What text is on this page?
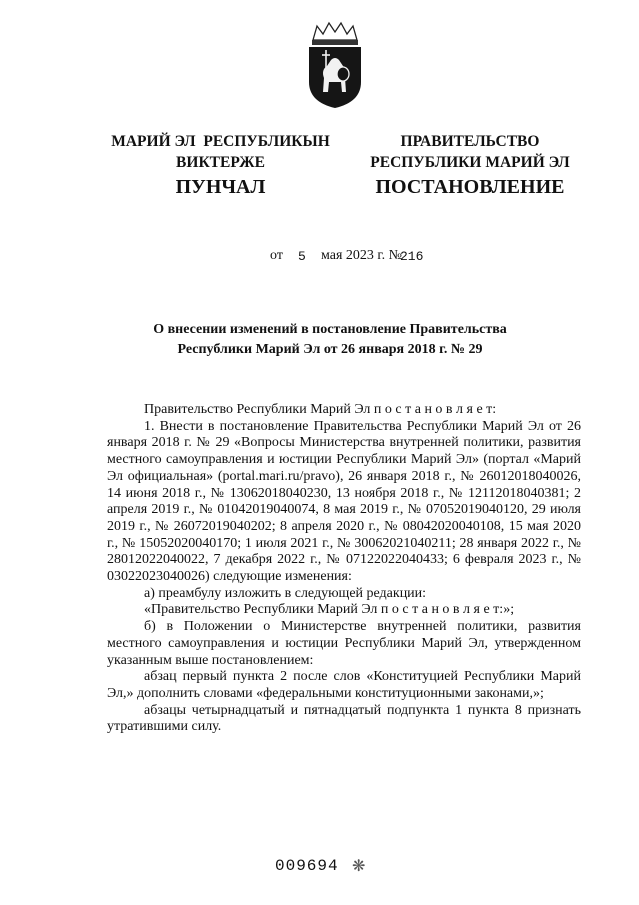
МАРИЙ ЭЛ  РЕСПУБЛИКЫН
ВИКТЕРЖЕ
ПРАВИТЕЛЬСТВО
РЕСПУБЛИКИ МАРИЙ ЭЛ
ПУНЧАЛ	ПОСТАНОВЛЕНИЕ
от 5 мая 2023 г. №
216
О внесении изменений в постановление Правительства
Республики Марий Эл от 26 января 2018 г. № 29

Правительство Республики Марий Эл п о с т а н о в л я е т:

1. Внести в постановление Правительства Республики Марий Эл от 26 января 2018 г. № 29 «Вопросы Министерства внутренней политики, развития местного самоуправления и юстиции Республики Марий Эл» (портал «Марий Эл официальная» (portal.mari.ru/pravo), 26 января 2018 г., № 26012018040026, 14 июня 2018 г., № 13062018040230, 13 ноября 2018 г., № 12112018040381; 2 апреля 2019 г., № 01042019040074, 8 мая 2019 г., № 07052019040120, 29 июля 2019 г., № 26072019040202; 8 апреля 2020 г., № 08042020040108, 15 мая 2020 г., № 15052020040170; 1 июля 2021 г., № 30062021040211; 28 января 2022 г., № 28012022040022, 7 декабря 2022 г., № 07122022040433; 6 февраля 2023 г., № 03022023040026) следующие изменения:

а) преамбулу изложить в следующей редакции:

«Правительство Республики Марий Эл п о с т а н о в л я е т:»;

б) в Положении о Министерстве внутренней политики, развития местного самоуправления и юстиции Республики Марий Эл, утвержденном указанным выше постановлением:

абзац первый пункта 2 после слов «Конституцией Республики Марий Эл,» дополнить словами «федеральными конституционными законами,»;

абзацы четырнадцатый и пятнадцатый подпункта 1 пункта 8 признать утратившими силу.

009694 ❋
